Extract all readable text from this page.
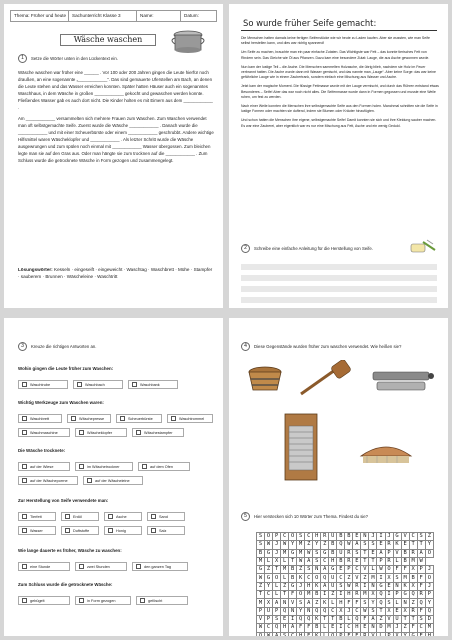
Thema: Früher und heute	Sachunterricht Klasse 3	Name:	Datum:
Wäsche waschen
1	Setze die Wörter unten in den Lückentext ein.

Wäsche waschen war früher eine ______ . Vor 100 oder 200 Jahren gingen die Leute hierfür noch draußen, an eine sogenannte „____________“. Das sind gemauerte Uferstellen am Bach, an denen die Leute stehen und das Wasser erreichen konnten. Später hatten Häuser auch ein sogenanntes Waschhaus, in dem Wäsche in großen ____________ gekocht und gewaschen werden konnte. Fließendes Wasser gab es auch dort nicht. Die Kinder holten es mit Eimern aus dem ____________ .

Am ____________ versammelten sich mehrere Frauen zum Waschen. Zum Waschen verwendet man oft selbstgemachte Seife. Zuerst wurde die Wäsche ____________ . Danach wurde die ____________ und mit einer Scheuerbürste oder einem ____________ geschrubbt. Andere wichtige Hilfsmittel waren Wäscheklopfer und ____________ . Als letzter Schritt wurde die Wäsche ausgewrungen und zum spülen noch einmal mit ____________ Wasser übergossen. Zum bleichen legte man sie auf den Gras aus. Oder man hängte sie zum trocknen auf die ____________ . Zum Schluss wurde die getrocknete Wäsche in Form gezogen und zusammengelegt.

Lösungswörter: Kesseln · eingeseift · eingeweicht · Waschtag · Waschbrett · Mühe · Stampfer · sauberem · Brunnen · Wäscheleine · Waschtritt
So wurde früher Seife gemacht:

Die Menschen hatten damals keine fertigen Seifenstücke wie wir heute zu Laden kaufen. Aber sie wussten, wie man Seife selbst herstellen kann, und dies war richtig spannend!

Um Seife zu machen, brauchte man ein paar einfache Zutaten. Das Wichtigste war Fett – das konnte tierisches Fett von Rindern sein. Das Gleiche wie Öl aus Pflanzen. Dazu kam eine besondere Zutat: Lauge, die aus Asche gewonnen wurde.

Nun kam der lustige Teil – die Asche. Die Menschen sammelten Holzasche, die übrig blieb, nachdem sie Holz im Feuer verbrannt hatten. Die Asche wurde dann mit Wasser gemischt, und das nannte man „Lauge“. Aber keine Sorge: das war keine gefährliche Lauge wie in einem Zaubertrank, sondern einfach eine Mischung aus Wasser und Asche.

Jetzt kam der magische Moment. Die flüssige Fettmasse wurde mit der Lauge vermischt, und durch das Rühren entstand etwas Besonderes – Seife! Aber das war noch nicht alles. Die Seifenmasse wurde dann in Formen gegossen und musste eine Weile ruhen, um fest zu werden.

Nach einer Weile konnten die Menschen ihre selbstgemachte Seife aus den Formen holen. Manchmal schnitten sie die Seife in lustige Formen oder machten sie duftend, indem sie Blumen oder Kräuter hinzufügten.

Und schon hatten die Menschen ihre eigene, selbstgemachte Seife! Damit konnten sie sich und ihre Kleidung sauber machen. Es war eine Zauberei, aber eigentlich war es nur eine Mischung aus Fett, Asche und ein wenig Geduld.

2	Schreibe eine einfache Anleitung für die Herstellung von Seife.
3	Kreuze die richtigen Antworten an.
Wohin gingen die Leute früher zum Waschen:
Waschtrube	Waschbach	Waschbank
Wichtig Werkzeuge zum Waschen waren:
Waschbrett	Wäschepresse	Scheuerbürste	Waschtrommel
Waschmaschine	Wäscheklopfer	Wäschestampfer
Die Wäsche trocknete:
auf der Wiese	im Wäschetrockner	auf dem Ofen
auf der Wäscheporrne	auf der Wäscheleine
Zur Herstellung von Seife verwendete man:
Tierfett	Erdöl	Asche	Sand
Wasser	Duftstoffe	Honig	Salz
Wie lange dauerte es früher, Wäsche zu waschen:
eine Stunde	zwei Stunden	den ganzen Tag
Zum Schluss wurde die getrocknete Wäsche:
gebügelt	in Form gezogen	geföscht
4	Diese Gegenstände wurden früher zum waschen verwendet. Wie heißen sie?
5	Hier verstecken sich 10 Wörter zum Thema. Findest du sie?
S	O	P	C	O	S	C	H	R	U	B	B	E	N	J	I	J	G	V	C	S	Z
S	W	J	W	Y	M	Z	Y	Z	B	Q	W	A	S	S	E	R	K	E	T	T	Y
B	G	J	M	G	M	W	S	G	B	U	R	S	T	E	A	P	V	B	R	A	O
M	L	X	L	T	W	A	S	C	H	B	R	E	T	T	P	R	L	B	M	W	
G	Z	T	M	B	Z	S	N	A	G	E	P	C	V	L	W	O	F	F	X	P	J
W	G	O	L	B	K	C	O	Q	U	C	Z	V	Z	M	I	X	S	M	B	F	O
Z	Y	L	Z	G	J	H	K	A	U	S	W	R	I	N	G	E	N	K	X	F	J
T	C	L	T	F	O	M	B	I	Z	I	H	R	M	X	Q	I	P	G	Q	R	P
M	X	A	N	V	S	A	Z	K	L	H	F	F	S	Y	Q	S	L	N	Z	Q	Y
P	U	P	Q	N	Y	N	Q	Q	C	X	J	C	W	S	T	X	E	X	R	F	Q
V	P	S	E	I	Q	Q	K	T	T	B	L	Q	F	A	Z	V	U	T	T	S	D
W	C	Q	H	A	F	F	B	L	E	I	C	H	E	N	D	M	J	Z	F	C	M
O	W	A	S	C	H	E	K	L	O	P	F	E	R	V	L	P	X	Y	G	E	H
